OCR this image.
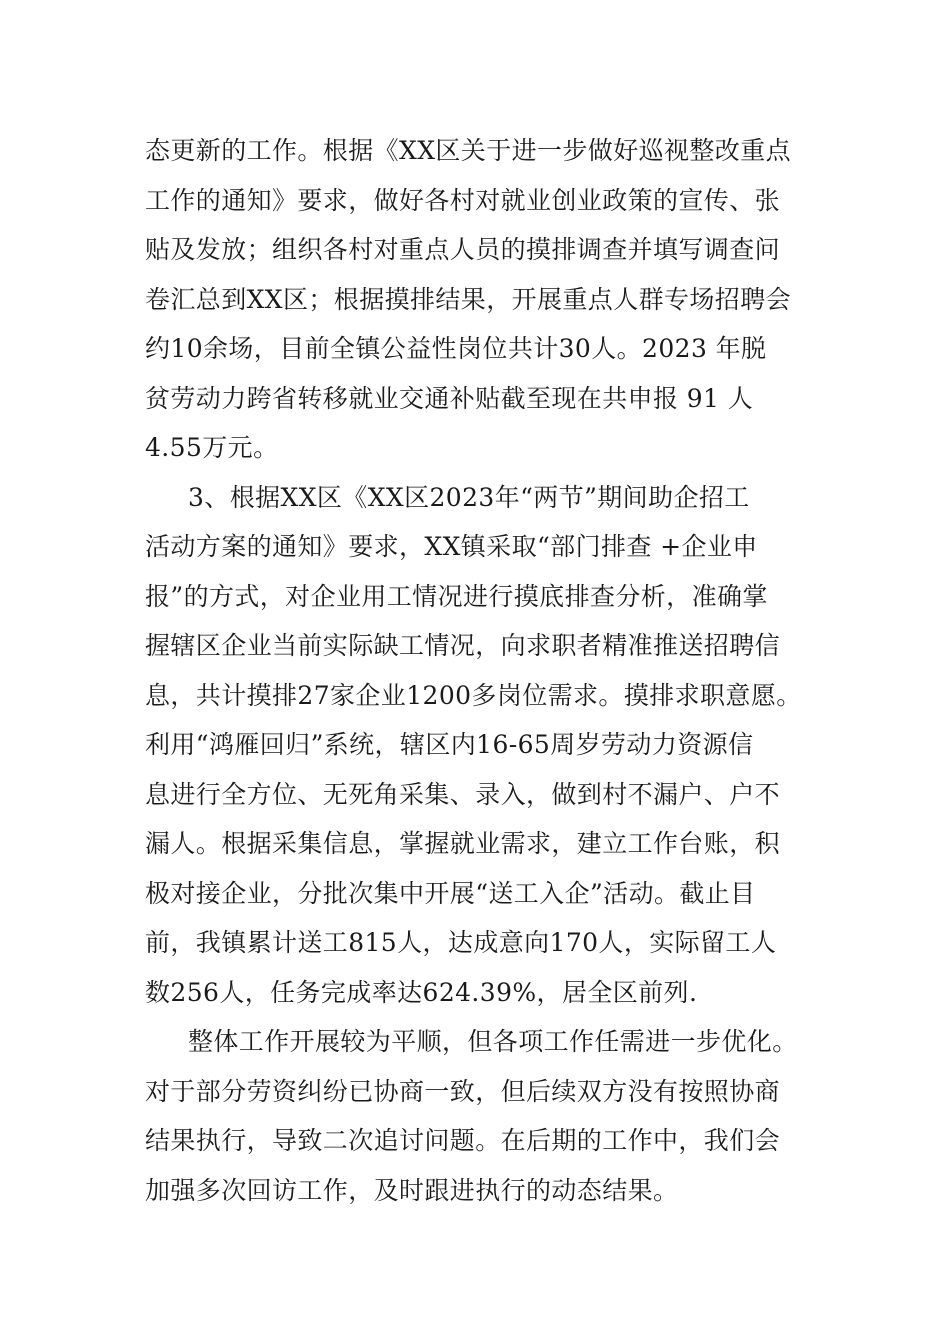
态更新的工作。根据《XX区关于进一步做好巡视整改重点
工作的通知》要求，做好各村对就业创业政策的宣传、张
贴及发放；组织各村对重点人员的摸排调查并填写调查问
卷汇总到XX区；根据摸排结果，开展重点人群专场招聘会
约10余场，目前全镇公益性岗位共计30人。2023 年脱
贫劳动力跨省转移就业交通补贴截至现在共申报 91 人
4.55万元。
3、根据XX区《XX区2023年“两节”期间助企招工
活动方案的通知》要求，XX镇采取“部门排查 +企业申
报”的方式，对企业用工情况进行摸底排查分析，准确掌
握辖区企业当前实际缺工情况，向求职者精准推送招聘信
息，共计摸排27家企业1200多岗位需求。摸排求职意愿。
利用“鸿雁回归”系统，辖区内16-65周岁劳动力资源信
息进行全方位、无死角采集、录入，做到村不漏户、户不
漏人。根据采集信息，掌握就业需求，建立工作台账，积
极对接企业，分批次集中开展“送工入企”活动。截止目
前，我镇累计送工815人，达成意向170人，实际留工人
数256人，任务完成率达624.39%，居全区前列.
整体工作开展较为平顺，但各项工作任需进一步优化。
对于部分劳资纠纷已协商一致，但后续双方没有按照协商
结果执行，导致二次追讨问题。在后期的工作中，我们会
加强多次回访工作，及时跟进执行的动态结果。
